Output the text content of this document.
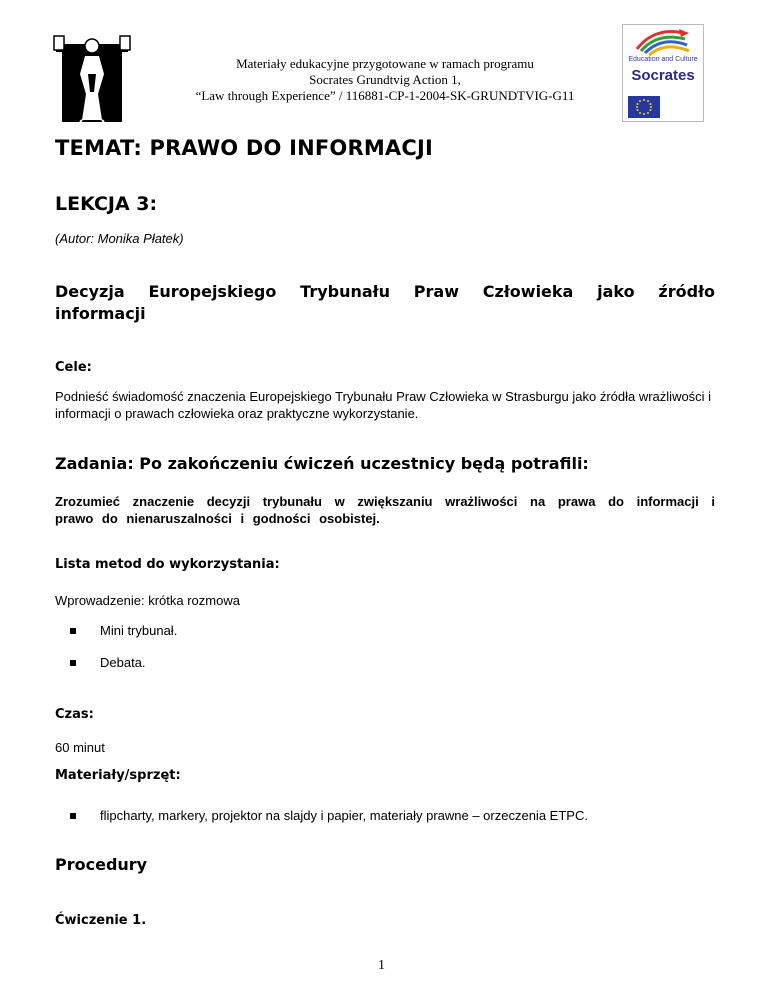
Materiały edukacyjne przygotowane w ramach programu
Socrates Grundtvig Action 1,
“Law through Experience” / 116881-CP-1-2004-SK-GRUNDTVIG-G11
Education and Culture
Socrates
TEMAT: PRAWO DO INFORMACJI
LEKCJA 3:
(Autor: Monika Płatek)
Decyzja Europejskiego Trybunału Praw Człowieka jako źródło informacji
Cele:
Podnieść świadomość znaczenia Europejskiego Trybunału Praw Człowieka w Strasburgu jako źródła wrażliwości i informacji o prawach człowieka oraz praktyczne wykorzystanie.
Zadania: Po zakończeniu ćwiczeń uczestnicy będą potrafili:
Zrozumieć znaczenie decyzji trybunału w zwiększaniu wrażliwości na prawa do informacji i prawo do nienaruszalności i godności osobistej.
Lista metod do wykorzystania:
Wprowadzenie: krótka rozmowa
Mini trybunał.
Debata.
Czas:
60 minut
Materiały/sprzęt:
flipcharty, markery, projektor na slajdy i papier, materiały prawne – orzeczenia ETPC.
Procedury
Ćwiczenie 1.
1
